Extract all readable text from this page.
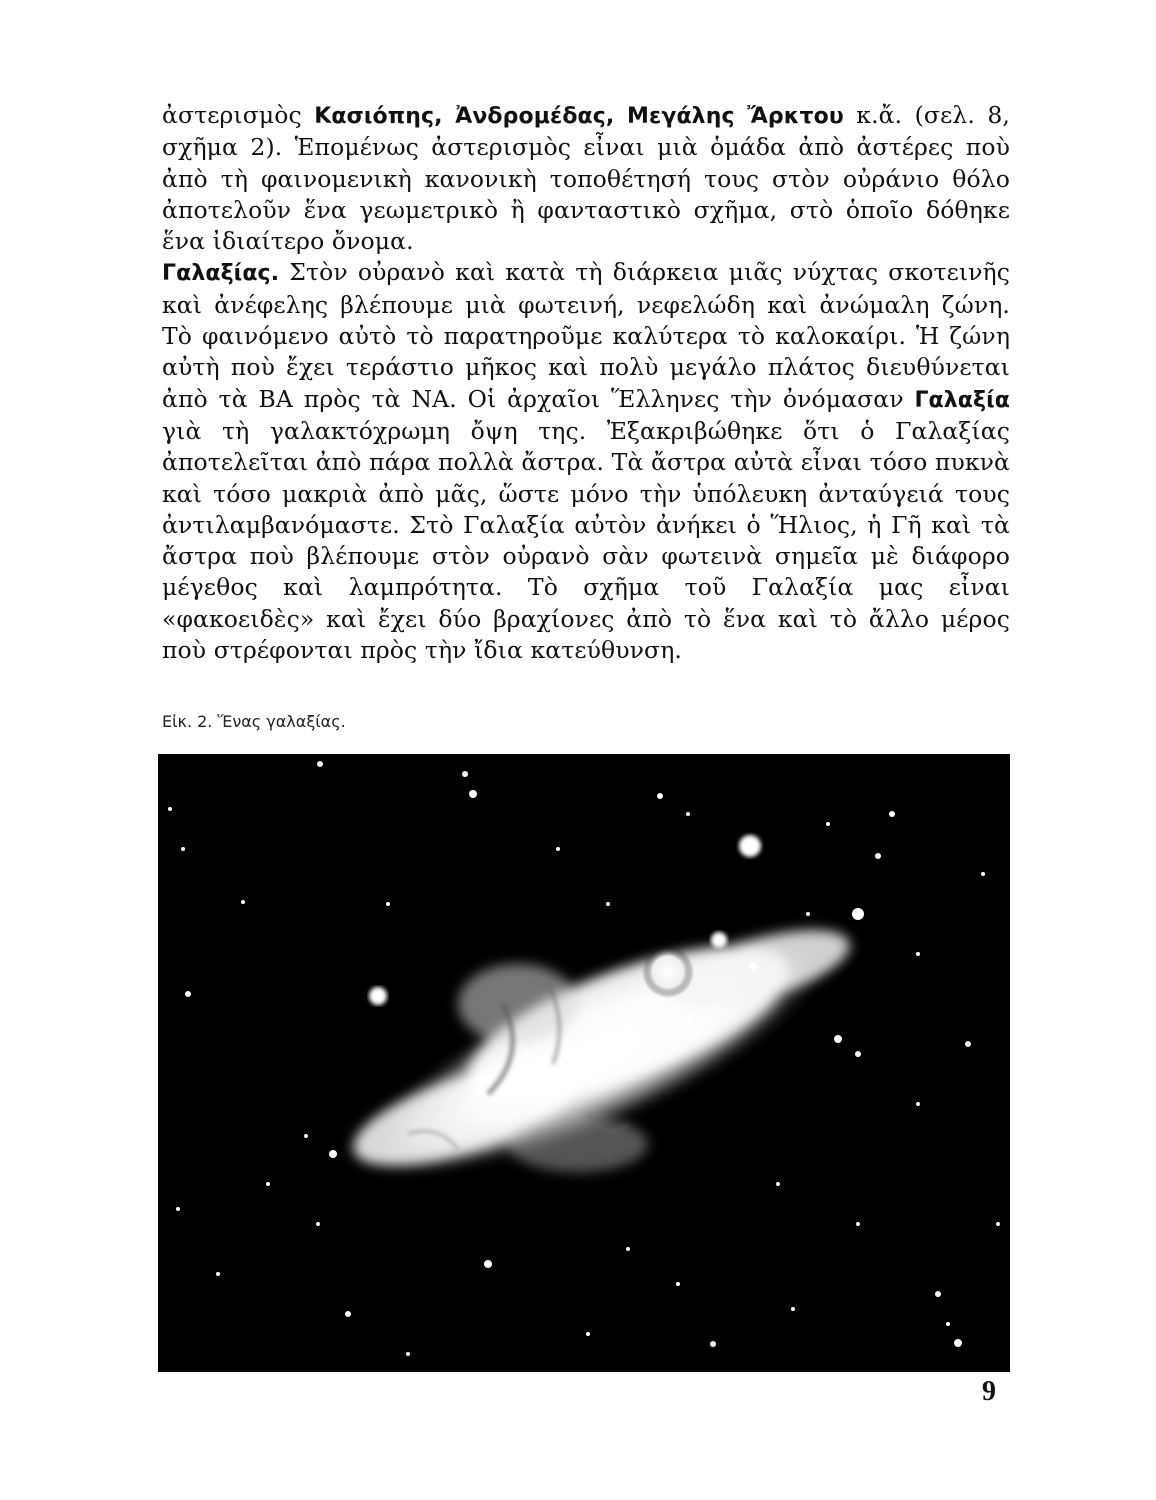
ἀστερισμὸς Κασιόπης, Ἀνδρομέδας, Μεγάλης Ἄρκτου κ.ἄ. (σελ. 8, σχῆμα 2). Ἑπομένως ἀστερισμὸς εἶναι μιὰ ὁμάδα ἀπὸ ἀστέρες ποὺ ἀπὸ τὴ φαινομενικὴ κανονικὴ τοποθέτησή τους στὸν οὐράνιο θόλο ἀποτελοῦν ἕνα γεωμετρικὸ ἢ φανταστικὸ σχῆμα, στὸ ὁποῖο δόθηκε ἕνα ἰδιαίτερο ὄνομα.

Γαλαξίας. Στὸν οὐρανὸ καὶ κατὰ τὴ διάρκεια μιᾶς νύχτας σκοτεινῆς καὶ ἀνέφελης βλέπουμε μιὰ φωτεινή, νεφελώδη καὶ ἀνώμαλη ζώνη. Τὸ φαινόμενο αὐτὸ τὸ παρατηροῦμε καλύτερα τὸ καλοκαίρι. Ἡ ζώνη αὐτὴ ποὺ ἔχει τεράστιο μῆκος καὶ πολὺ μεγάλο πλάτος διευθύνεται ἀπὸ τὰ ΒΑ πρὸς τὰ ΝΑ. Οἱ ἀρχαῖοι Ἕλληνες τὴν ὀνόμασαν Γαλαξία γιὰ τὴ γαλακτόχρωμη ὄψη της. Ἐξακριβώθηκε ὅτι ὁ Γαλαξίας ἀποτελεῖται ἀπὸ πάρα πολλὰ ἄστρα. Τὰ ἄστρα αὐτὰ εἶναι τόσο πυκνὰ καὶ τόσο μακριὰ ἀπὸ μᾶς, ὥστε μόνο τὴν ὑπόλευκη ἀνταύγειά τους ἀντιλαμβανόμαστε. Στὸ Γαλαξία αὐτὸν ἀνήκει ὁ Ἥλιος, ἡ Γῆ καὶ τὰ ἄστρα ποὺ βλέπουμε στὸν οὐρανὸ σὰν φωτεινὰ σημεῖα μὲ διάφορο μέγεθος καὶ λαμπρότητα. Τὸ σχῆμα τοῦ Γαλαξία μας εἶναι «φακοειδὲς» καὶ ἔχει δύο βραχίονες ἀπὸ τὸ ἕνα καὶ τὸ ἄλλο μέρος ποὺ στρέφονται πρὸς τὴν ἴδια κατεύθυνση.

Εἰκ. 2. Ἕνας γαλαξίας.
9
